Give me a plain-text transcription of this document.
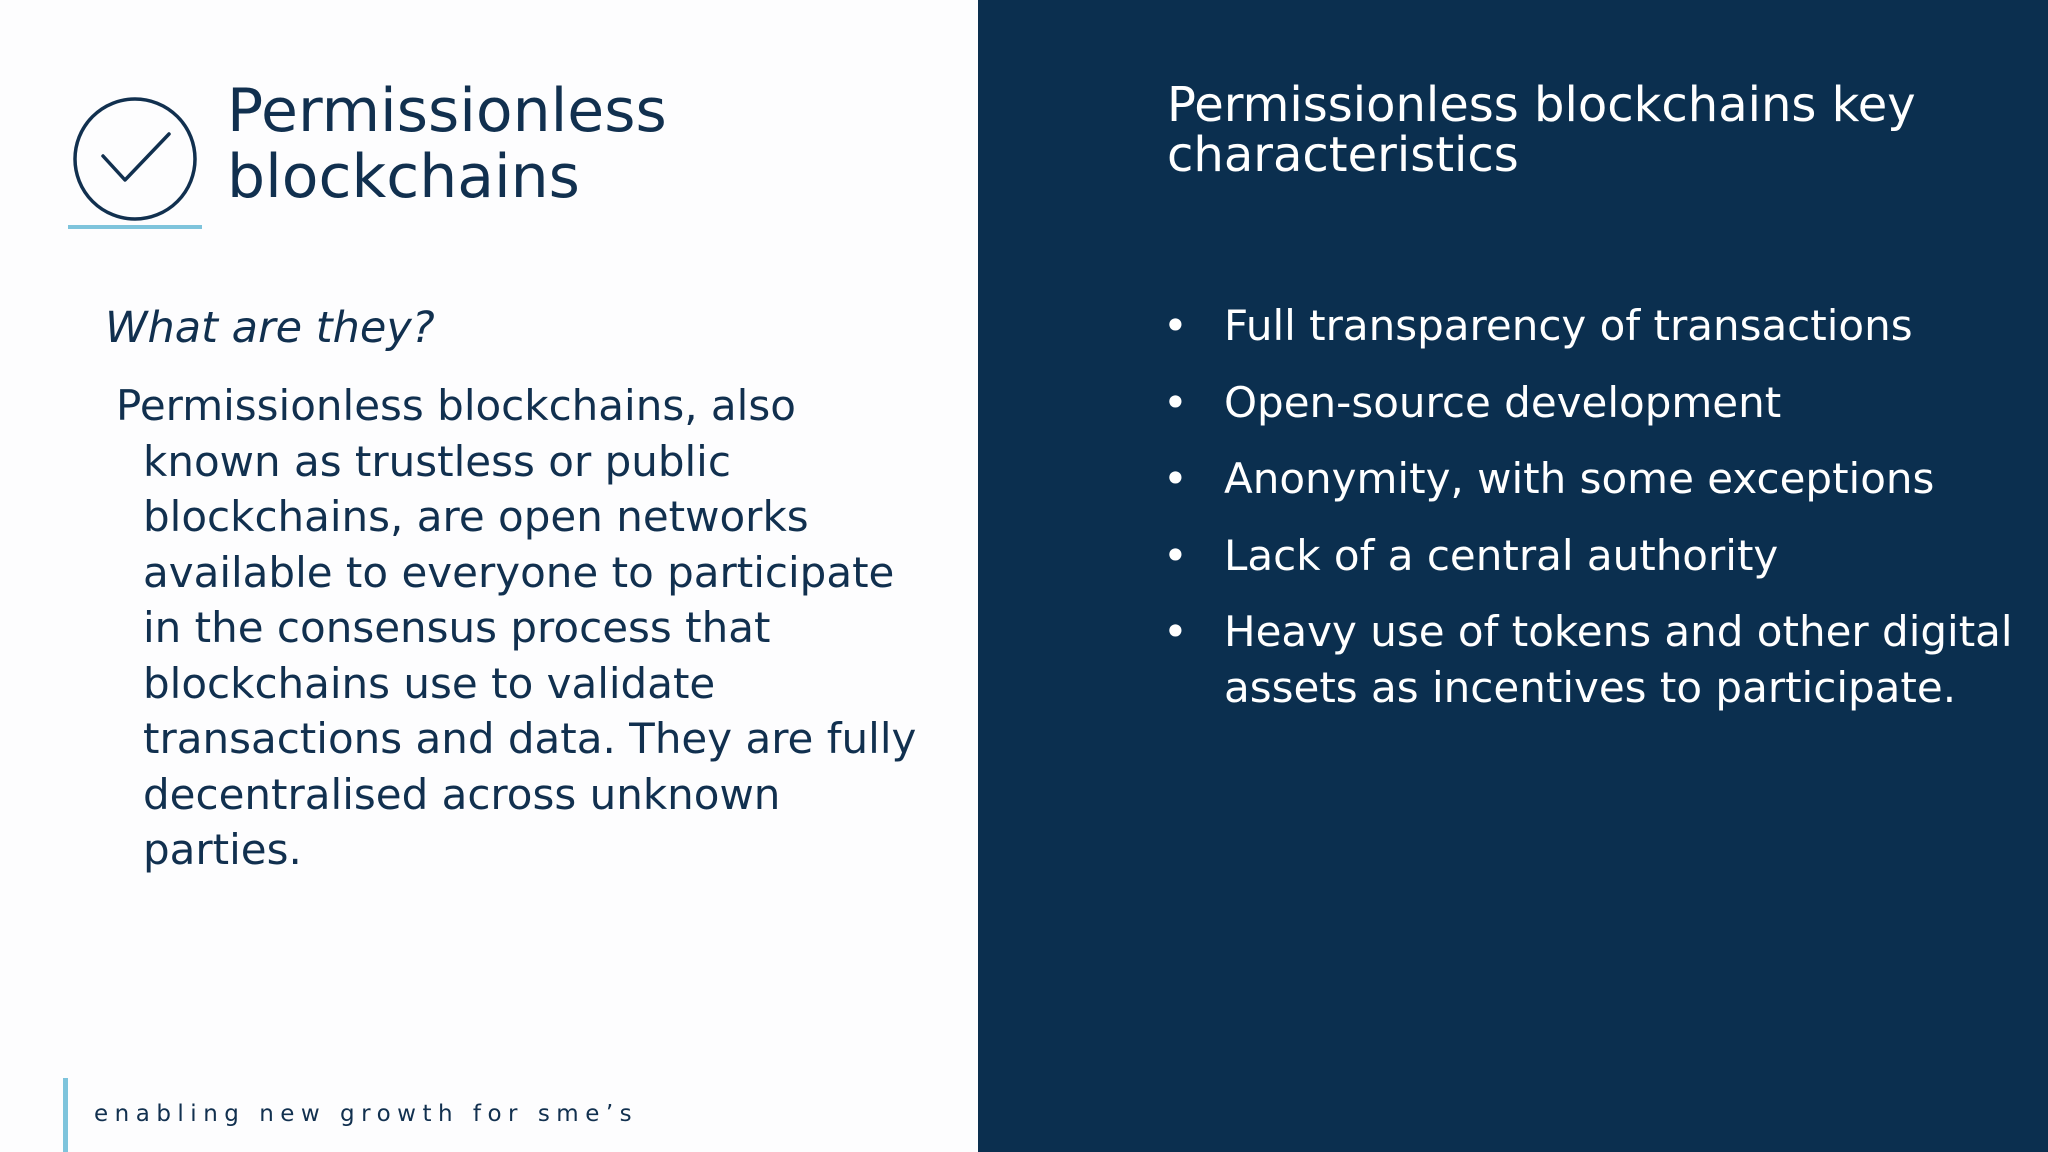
Permissionless blockchains

What are they?

Permissionless blockchains, also known as trustless or public blockchains, are open networks available to everyone to participate in the consensus process that blockchains use to validate transactions and data. They are fully decentralised across unknown parties.

enabling new growth for sme’s

Permissionless blockchains key characteristics
• Full transparency of transactions
• Open-source development
• Anonymity, with some exceptions
• Lack of a central authority
• Heavy use of tokens and other digital assets as incentives to participate.
